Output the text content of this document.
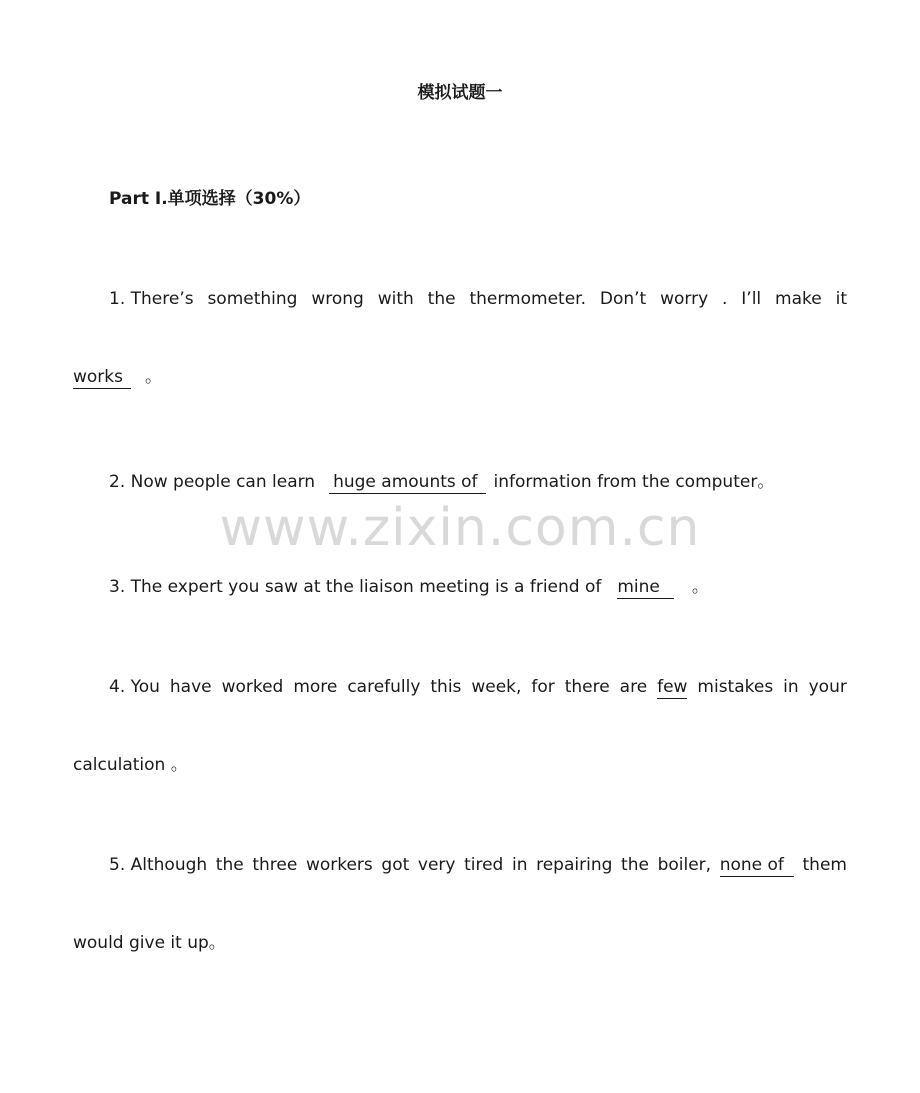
模拟试题一
Part I.单项选择（30%）
www.zixin.com.cn
1. There’s something wrong with the thermometer. Don’t worry . I’ll make it
works 。
2. Now people can learn huge amounts of information from the computer。
3. The expert you saw at the liaison meeting is a friend of mine 。
4. You have worked more carefully this week, for there are few mistakes in your
calculation 。
5. Although the three workers got very tired in repairing the boiler, none of	them
would give it up。
